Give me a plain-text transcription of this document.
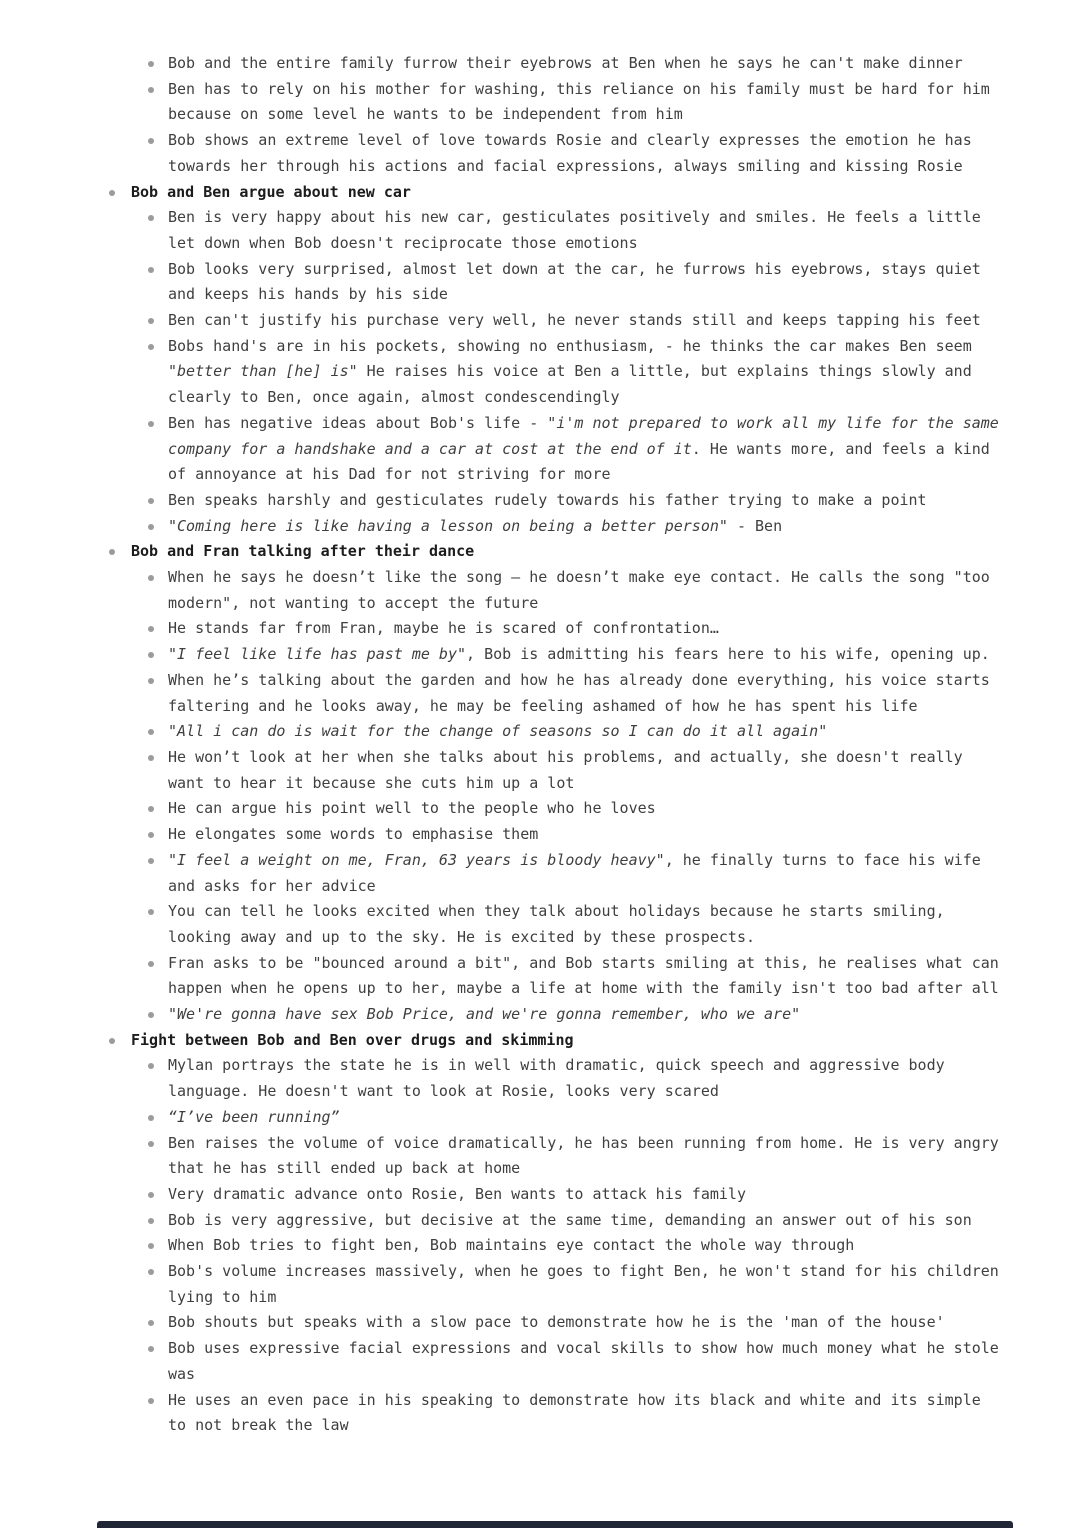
Bob and the entire family furrow their eyebrows at Ben when he says he can't make dinner
Ben has to rely on his mother for washing, this reliance on his family must be hard for him because on some level he wants to be independent from him
Bob shows an extreme level of love towards Rosie and clearly expresses the emotion he has towards her through his actions and facial expressions, always smiling and kissing Rosie
Bob and Ben argue about new car
Ben is very happy about his new car, gesticulates positively and smiles. He feels a little let down when Bob doesn't reciprocate those emotions
Bob looks very surprised, almost let down at the car, he furrows his eyebrows, stays quiet and keeps his hands by his side
Ben can't justify his purchase very well, he never stands still and keeps tapping his feet
Bobs hand's are in his pockets, showing no enthusiasm, - he thinks the car makes Ben seem "better than [he] is" He raises his voice at Ben a little, but explains things slowly and clearly to Ben, once again, almost condescendingly
Ben has negative ideas about Bob's life - "i'm not prepared to work all my life for the same company for a handshake and a car at cost at the end of it. He wants more, and feels a kind of annoyance at his Dad for not striving for more
Ben speaks harshly and gesticulates rudely towards his father trying to make a point
"Coming here is like having a lesson on being a better person" - Ben
Bob and Fran talking after their dance
When he says he doesn’t like the song – he doesn’t make eye contact. He calls the song "too modern", not wanting to accept the future
He stands far from Fran, maybe he is scared of confrontation…
"I feel like life has past me by", Bob is admitting his fears here to his wife, opening up.
When he’s talking about the garden and how he has already done everything, his voice starts faltering and he looks away, he may be feeling ashamed of how he has spent his life
"All i can do is wait for the change of seasons so I can do it all again"
He won’t look at her when she talks about his problems, and actually, she doesn't really want to hear it because she cuts him up a lot
He can argue his point well to the people who he loves
He elongates some words to emphasise them
"I feel a weight on me, Fran, 63 years is bloody heavy", he finally turns to face his wife and asks for her advice
You can tell he looks excited when they talk about holidays because he starts smiling, looking away and up to the sky. He is excited by these prospects.
Fran asks to be "bounced around a bit", and Bob starts smiling at this, he realises what can happen when he opens up to her, maybe a life at home with the family isn't too bad after all
"We're gonna have sex Bob Price, and we're gonna remember, who we are"
Fight between Bob and Ben over drugs and skimming
Mylan portrays the state he is in well with dramatic, quick speech and aggressive body language. He doesn't want to look at Rosie, looks very scared
“I’ve been running”
Ben raises the volume of voice dramatically, he has been running from home. He is very angry that he has still ended up back at home
Very dramatic advance onto Rosie, Ben wants to attack his family
Bob is very aggressive, but decisive at the same time, demanding an answer out of his son
When Bob tries to fight ben, Bob maintains eye contact the whole way through
Bob's volume increases massively, when he goes to fight Ben, he won't stand for his children lying to him
Bob shouts but speaks with a slow pace to demonstrate how he is the 'man of the house'
Bob uses expressive facial expressions and vocal skills to show how much money what he stole was
He uses an even pace in his speaking to demonstrate how its black and white and its simple to not break the law
